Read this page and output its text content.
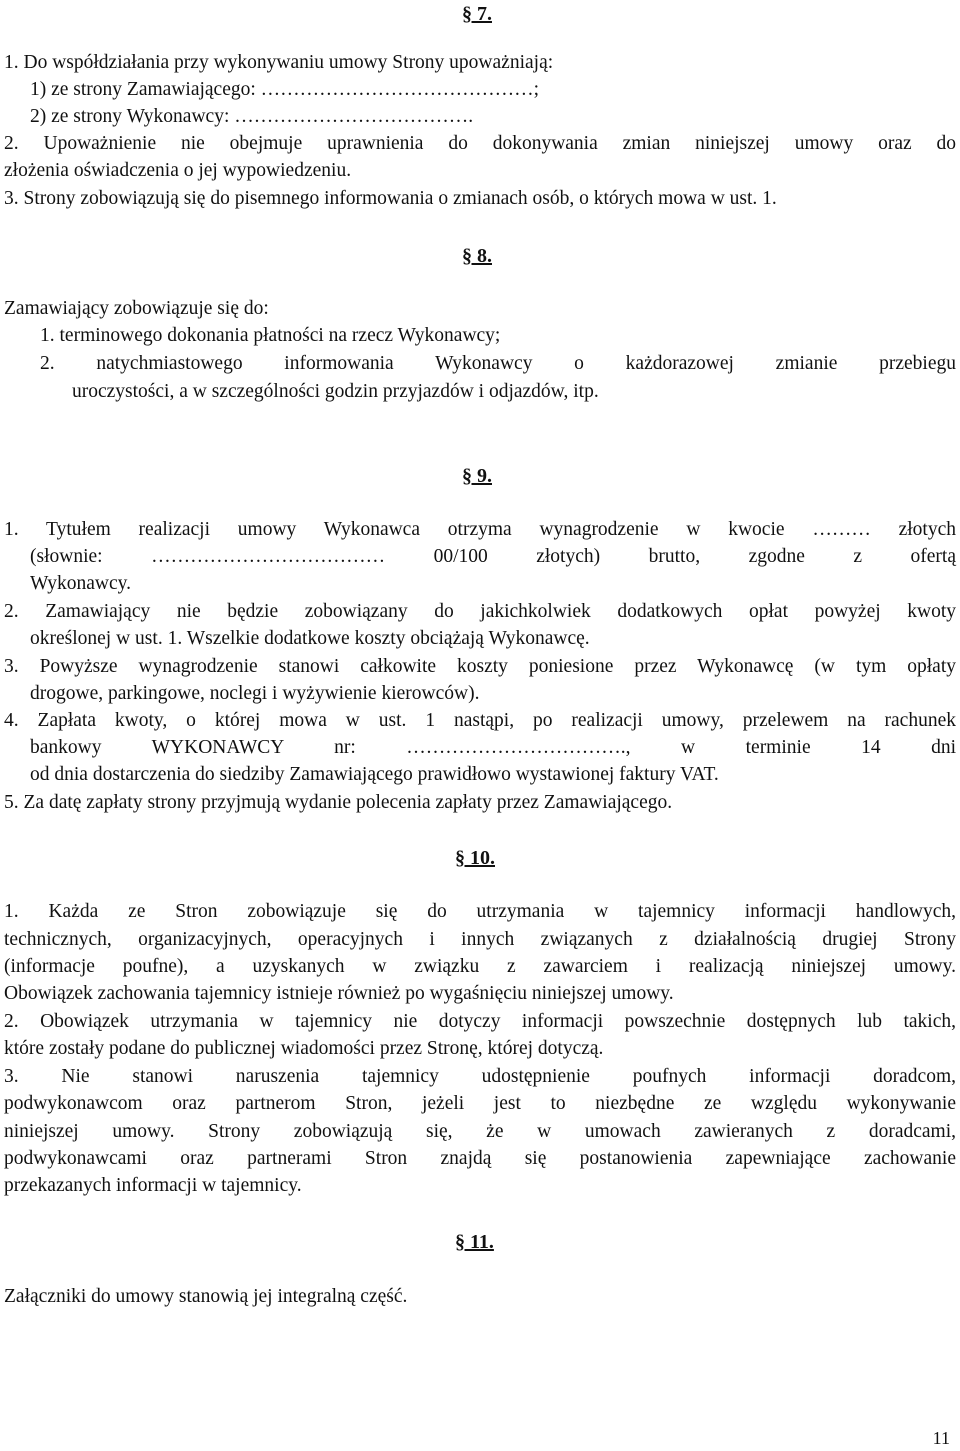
§ 7.
1. Do współdziałania przy wykonywaniu umowy Strony upoważniają:
1) ze strony Zamawiającego: ……………………………………;
2) ze strony Wykonawcy: ……………………………….
2. Upoważnienie nie obejmuje uprawnienia do dokonywania zmian niniejszej umowy oraz do
złożenia oświadczenia o jej wypowiedzeniu.
3. Strony zobowiązują się do pisemnego informowania o zmianach osób, o których mowa w ust. 1.
§ 8.
Zamawiający zobowiązuje się do:
1. terminowego dokonania płatności na rzecz Wykonawcy;
2. natychmiastowego informowania Wykonawcy o każdorazowej zmianie przebiegu
uroczystości, a w szczególności godzin przyjazdów i odjazdów, itp.
§ 9.
1. Tytułem realizacji umowy Wykonawca otrzyma wynagrodzenie w kwocie ……… złotych
(słownie: ……………………………… 00/100 złotych) brutto, zgodne z ofertą
Wykonawcy.
2. Zamawiający nie będzie zobowiązany do jakichkolwiek dodatkowych opłat powyżej kwoty
określonej w ust. 1. Wszelkie dodatkowe koszty obciążają Wykonawcę.
3. Powyższe wynagrodzenie stanowi całkowite koszty poniesione przez Wykonawcę (w tym opłaty
drogowe, parkingowe, noclegi i wyżywienie kierowców).
4. Zapłata kwoty, o której mowa w ust. 1 nastąpi, po realizacji umowy, przelewem na rachunek
bankowy WYKONAWCY nr: ……………………………., w terminie 14 dni
od dnia dostarczenia do siedziby Zamawiającego prawidłowo wystawionej faktury VAT.
5. Za datę zapłaty strony przyjmują wydanie polecenia zapłaty przez Zamawiającego.
§ 10.
1. Każda ze Stron zobowiązuje się do utrzymania w tajemnicy informacji handlowych,
technicznych, organizacyjnych, operacyjnych i innych związanych z działalnością drugiej Strony
(informacje poufne), a uzyskanych w związku z zawarciem i realizacją niniejszej umowy.
Obowiązek zachowania tajemnicy istnieje również po wygaśnięciu niniejszej umowy.
2. Obowiązek utrzymania w tajemnicy nie dotyczy informacji powszechnie dostępnych lub takich,
które zostały podane do publicznej wiadomości przez Stronę, której dotyczą.
3. Nie stanowi naruszenia tajemnicy udostępnienie poufnych informacji doradcom,
podwykonawcom oraz partnerom Stron, jeżeli jest to niezbędne ze względu wykonywanie
niniejszej umowy. Strony zobowiązują się, że w umowach zawieranych z doradcami,
podwykonawcami oraz partnerami Stron znajdą się postanowienia zapewniające zachowanie
przekazanych informacji w tajemnicy.
§ 11.
Załączniki do umowy stanowią jej integralną część.
11
